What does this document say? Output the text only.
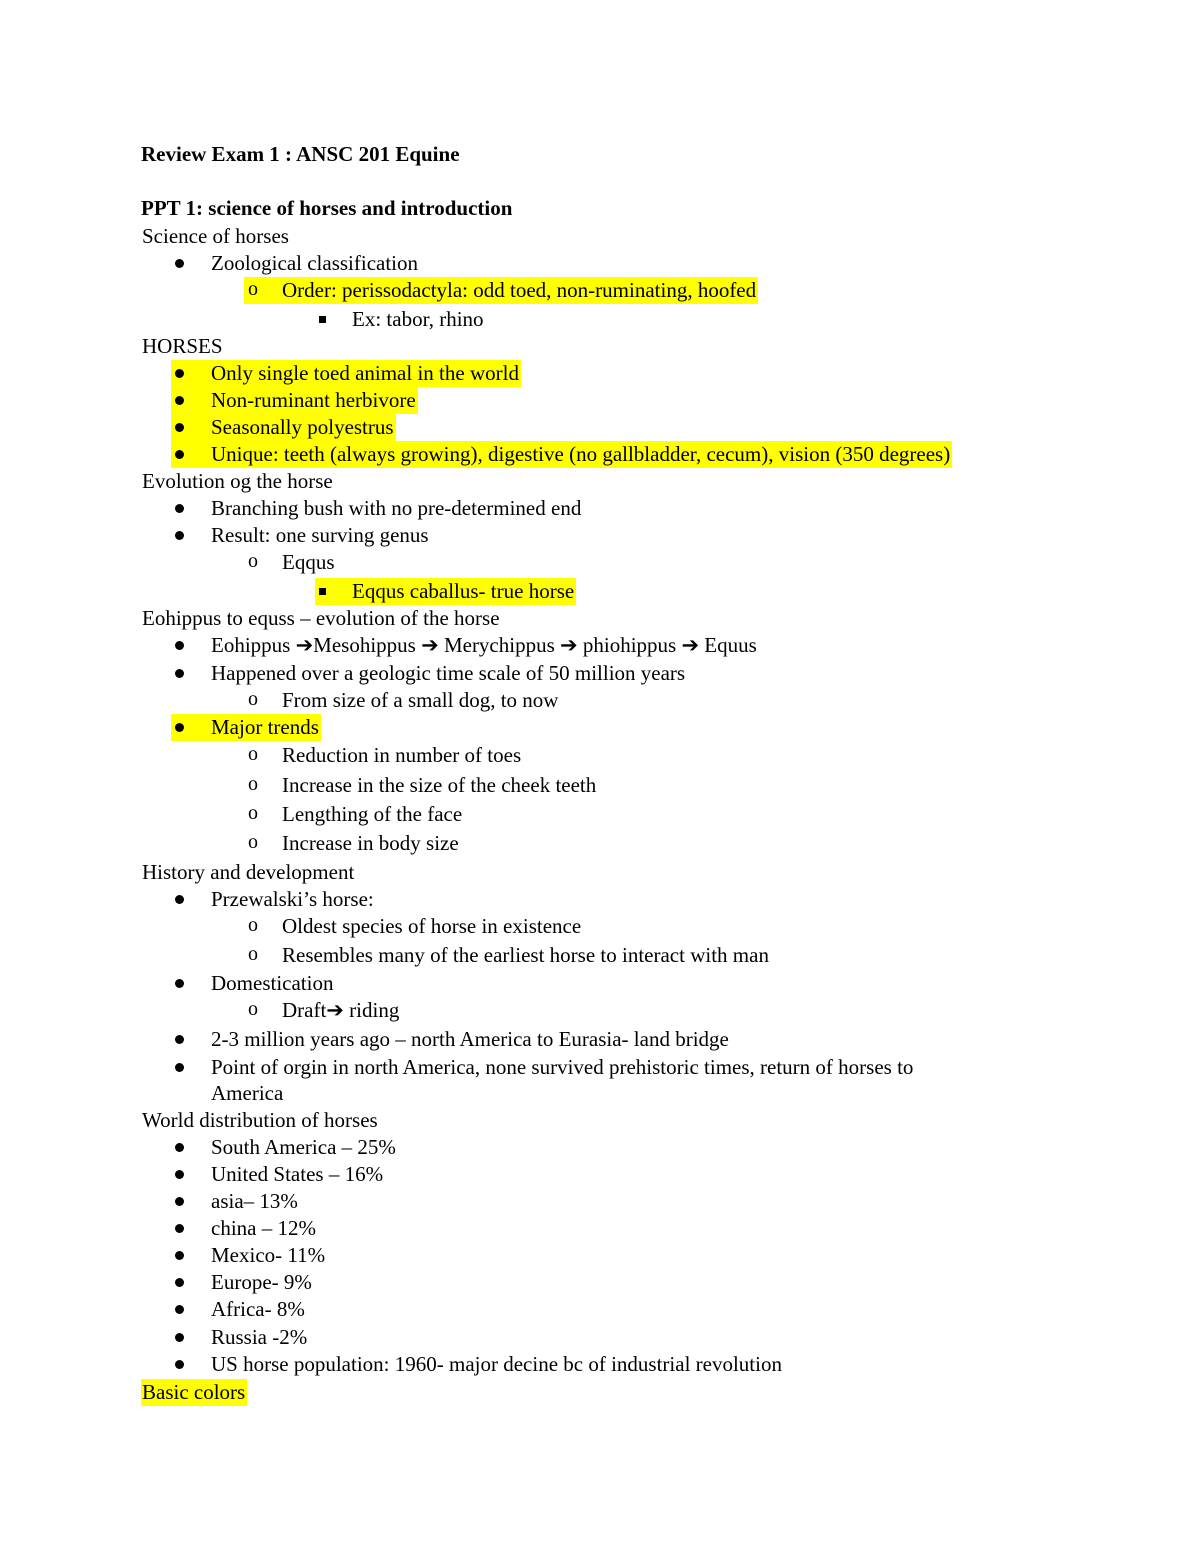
Review Exam 1 : ANSC 201 Equine
PPT 1: science of horses and introduction
Science of horses
Zoological classification
o Order: perissodactyla: odd toed, non-ruminating, hoofed
Ex: tabor, rhino
HORSES
Only single toed animal in the world
Non-ruminant herbivore
Seasonally polyestrus
Unique: teeth (always growing), digestive (no gallbladder, cecum), vision (350 degrees)
Evolution og the horse
Branching bush with no pre-determined end
Result: one surving genus
o Eqqus
Eqqus caballus- true horse
Eohippus to equss – evolution of the horse
Eohippus ➔Mesohippus ➔ Merychippus ➔ phiohippus ➔ Equus
Happened over a geologic time scale of 50 million years
o From size of a small dog, to now
Major trends
o Reduction in number of toes
o Increase in the size of the cheek teeth
o Lengthing of the face
o Increase in body size
History and development
Przewalski’s horse:
o Oldest species of horse in existence
o Resembles many of the earliest horse to interact with man
Domestication
o Draft➔ riding
2-3 million years ago – north America to Eurasia- land bridge
Point of orgin in north America, none survived prehistoric times, return of horses to
America
World distribution of horses
South America – 25%
United States – 16%
asia– 13%
china – 12%
Mexico- 11%
Europe- 9%
Africa- 8%
Russia -2%
US horse population: 1960- major decine bc of industrial revolution
Basic colors
